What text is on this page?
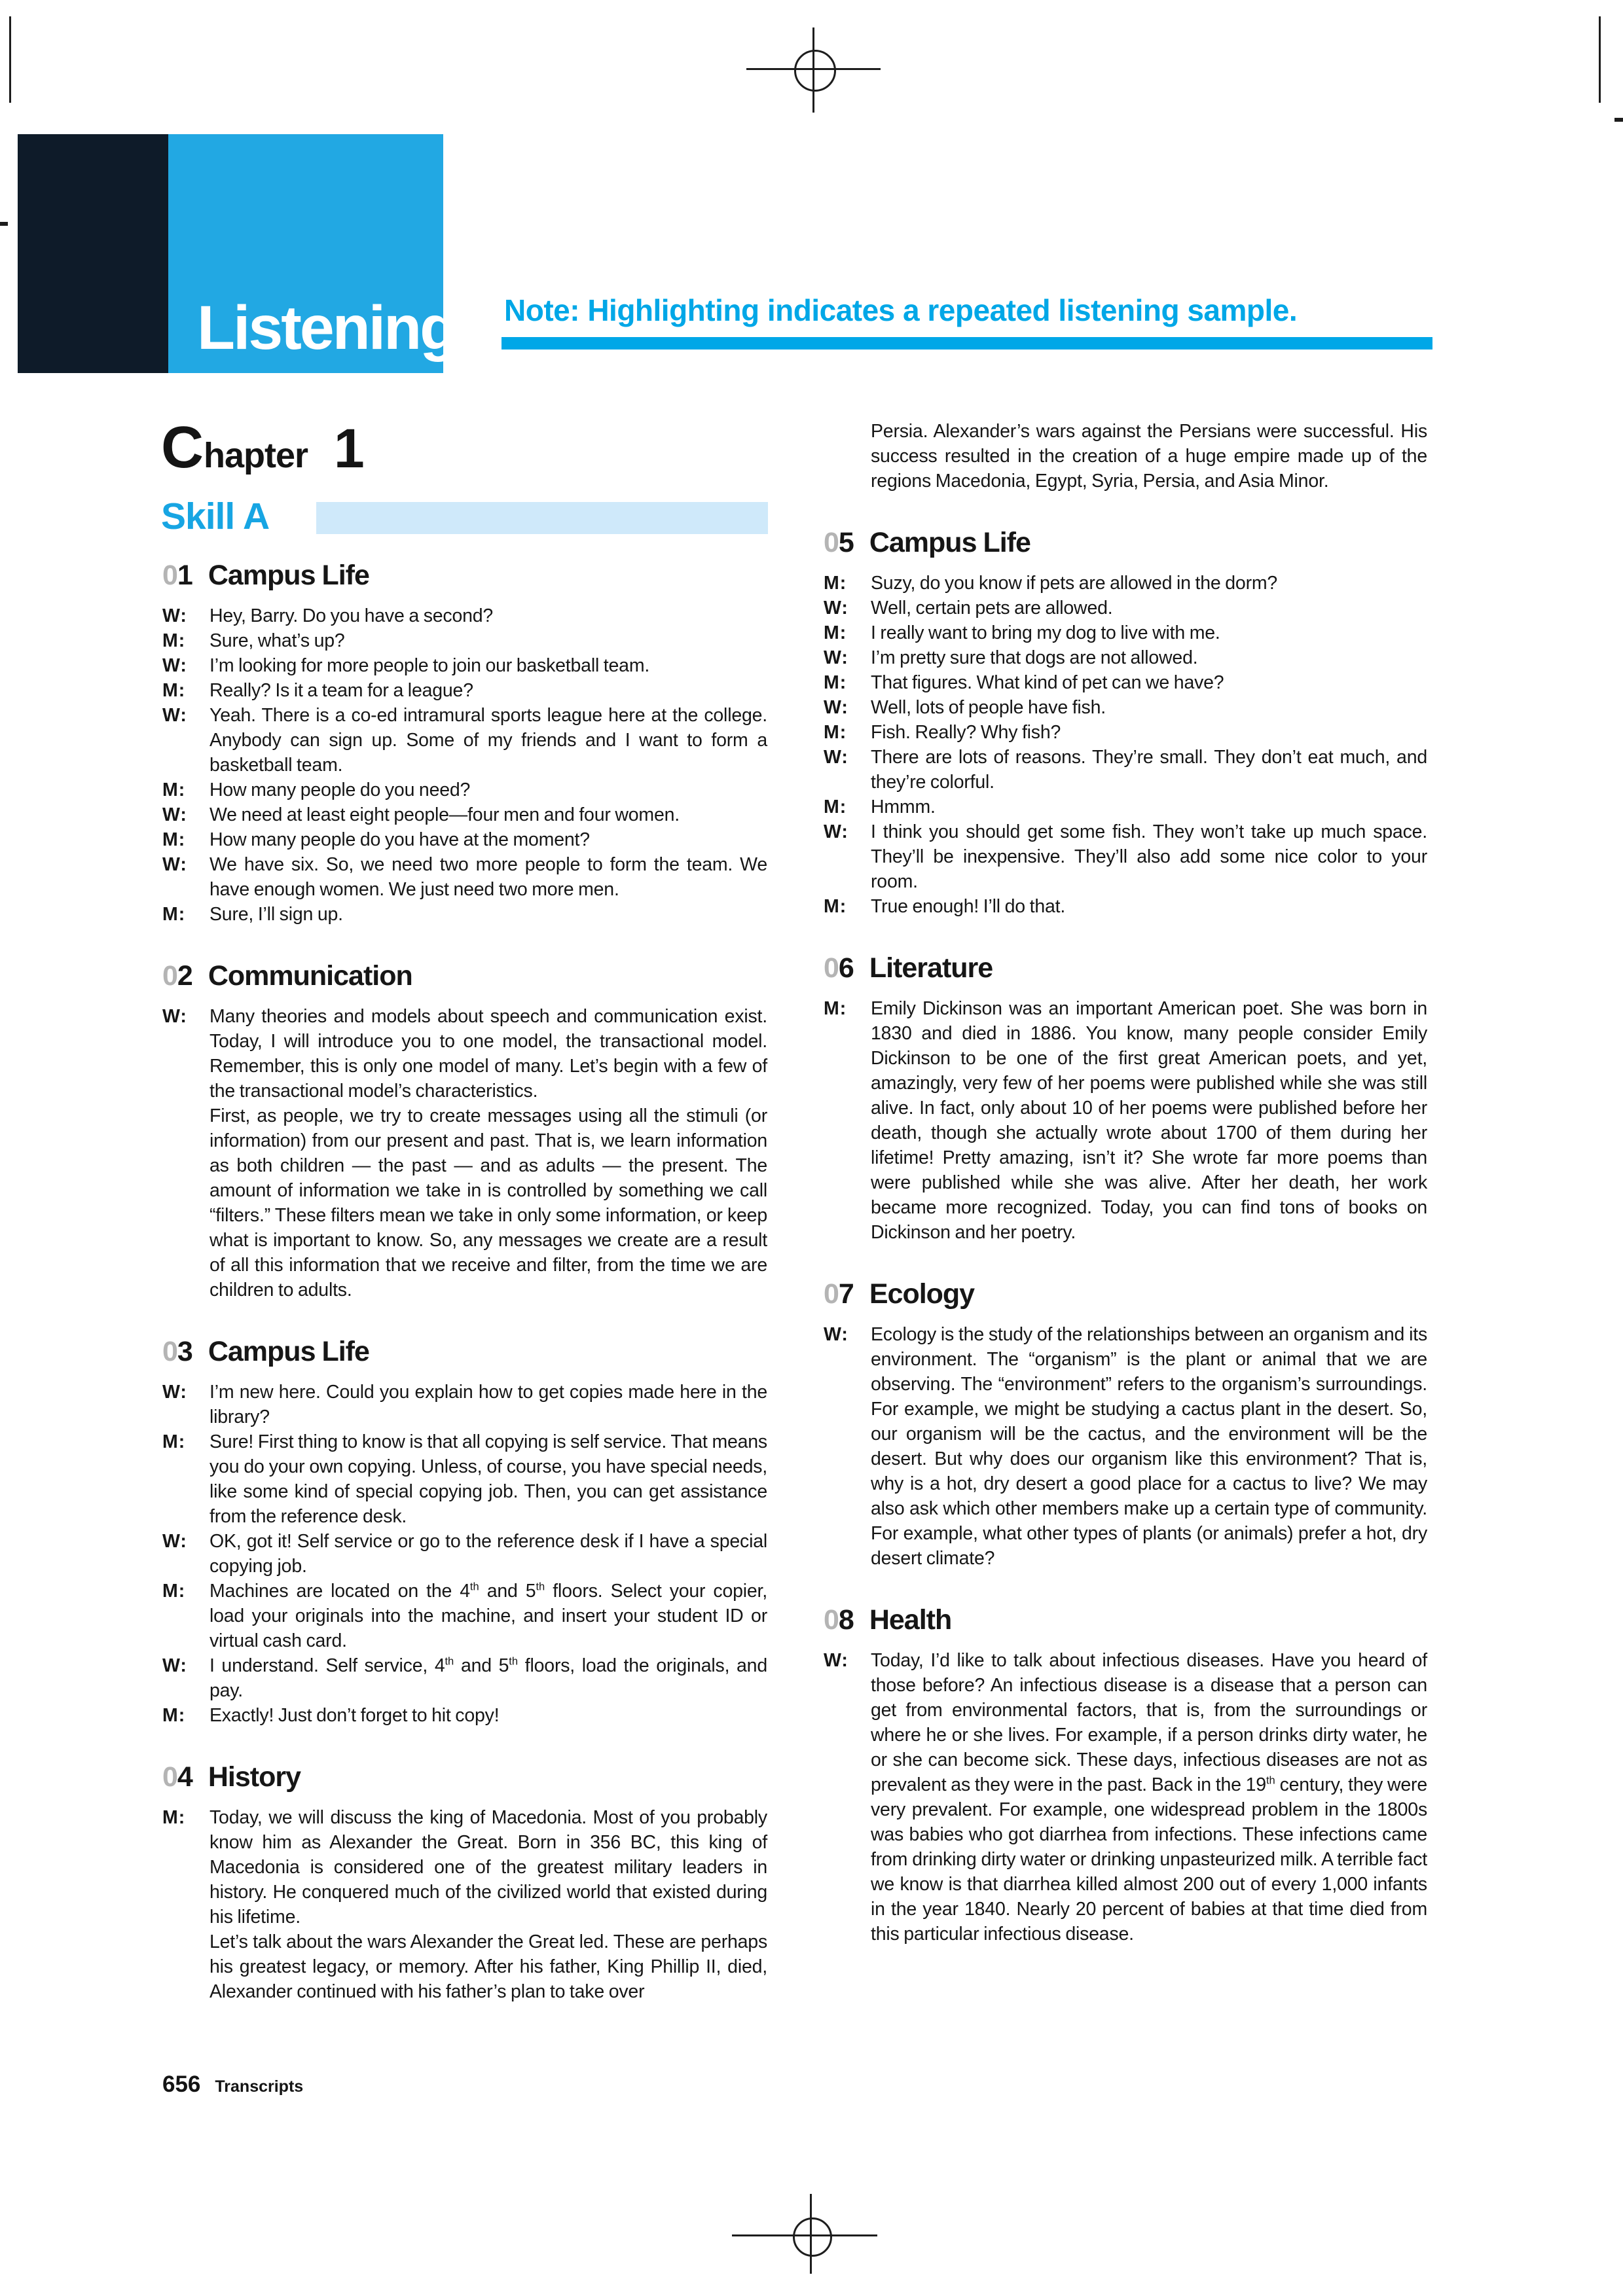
Listening Note: Highlighting indicates a repeated listening sample.
Chapter 1
Skill A
01 Campus Life

W: Hey, Barry. Do you have a second?

M: Sure, what’s up?

W: I’m looking for more people to join our basketball team.

M: Really? Is it a team for a league?

W: Yeah. There is a co-ed intramural sports league here at the college. Anybody can sign up. Some of my friends and I want to form a basketball team.

M: How many people do you need?

W: We need at least eight people—four men and four women.

M: How many people do you have at the moment?

W: We have six. So, we need two more people to form the team. We have enough women. We just need two more men.

M: Sure, I’ll sign up.

02 Communication

W: Many theories and models about speech and communication exist. Today, I will introduce you to one model, the transactional model. Remember, this is only one model of many. Let’s begin with a few of the transactional model’s characteristics.

First, as people, we try to create messages using all the stimuli (or information) from our present and past. That is, we learn information as both children — the past — and as adults — the present. The amount of information we take in is controlled by something we call “filters.” These filters mean we take in only some information, or keep what is important to know. So, any messages we create are a result of all this information that we receive and filter, from the time we are children to adults.

03 Campus Life

W: I’m new here. Could you explain how to get copies made here in the library?

M: Sure! First thing to know is that all copying is self service. That means you do your own copying. Unless, of course, you have special needs, like some kind of special copying job. Then, you can get assistance from the reference desk.

W: OK, got it! Self service or go to the reference desk if I have a special copying job.

M: Machines are located on the 4th and 5th floors. Select your copier, load your originals into the machine, and insert your student ID or virtual cash card.

W: I understand. Self service, 4th and 5th floors, load the originals, and pay.

M: Exactly! Just don’t forget to hit copy!

04 History

M: Today, we will discuss the king of Macedonia. Most of you probably know him as Alexander the Great. Born in 356 BC, this king of Macedonia is considered one of the greatest military leaders in history. He conquered much of the civilized world that existed during his lifetime.

Let’s talk about the wars Alexander the Great led. These are perhaps his greatest legacy, or memory. After his father, King Phillip II, died, Alexander continued with his father’s plan to take over

Persia. Alexander’s wars against the Persians were successful. His success resulted in the creation of a huge empire made up of the regions Macedonia, Egypt, Syria, Persia, and Asia Minor.

05 Campus Life

M: Suzy, do you know if pets are allowed in the dorm?

W: Well, certain pets are allowed.

M: I really want to bring my dog to live with me.

W: I’m pretty sure that dogs are not allowed.

M: That figures. What kind of pet can we have?

W: Well, lots of people have fish.

M: Fish. Really? Why fish?

W: There are lots of reasons. They’re small. They don’t eat much, and they’re colorful.

M: Hmmm.

W: I think you should get some fish. They won’t take up much space. They’ll be inexpensive. They’ll also add some nice color to your room.

M: True enough! I’ll do that.

06 Literature

M: Emily Dickinson was an important American poet. She was born in 1830 and died in 1886. You know, many people consider Emily Dickinson to be one of the first great American poets, and yet, amazingly, very few of her poems were published while she was still alive. In fact, only about 10 of her poems were published before her death, though she actually wrote about 1700 of them during her lifetime! Pretty amazing, isn’t it? She wrote far more poems than were published while she was alive. After her death, her work became more recognized. Today, you can find tons of books on Dickinson and her poetry.

07 Ecology

W: Ecology is the study of the relationships between an organism and its environment. The “organism” is the plant or animal that we are observing. The “environment” refers to the organism’s surroundings. For example, we might be studying a cactus plant in the desert. So, our organism will be the cactus, and the environment will be the desert. But why does our organism like this environment? That is, why is a hot, dry desert a good place for a cactus to live? We may also ask which other members make up a certain type of community. For example, what other types of plants (or animals) prefer a hot, dry desert climate?

08 Health

W: Today, I’d like to talk about infectious diseases. Have you heard of those before? An infectious disease is a disease that a person can get from environmental factors, that is, from the surroundings or where he or she lives. For example, if a person drinks dirty water, he or she can become sick. These days, infectious diseases are not as prevalent as they were in the past. Back in the 19th century, they were very prevalent. For example, one widespread problem in the 1800s was babies who got diarrhea from infections. These infections came from drinking dirty water or drinking unpasteurized milk. A terrible fact we know is that diarrhea killed almost 200 out of every 1,000 infants in the year 1840. Nearly 20 percent of babies at that time died from this particular infectious disease.

656 Transcripts
